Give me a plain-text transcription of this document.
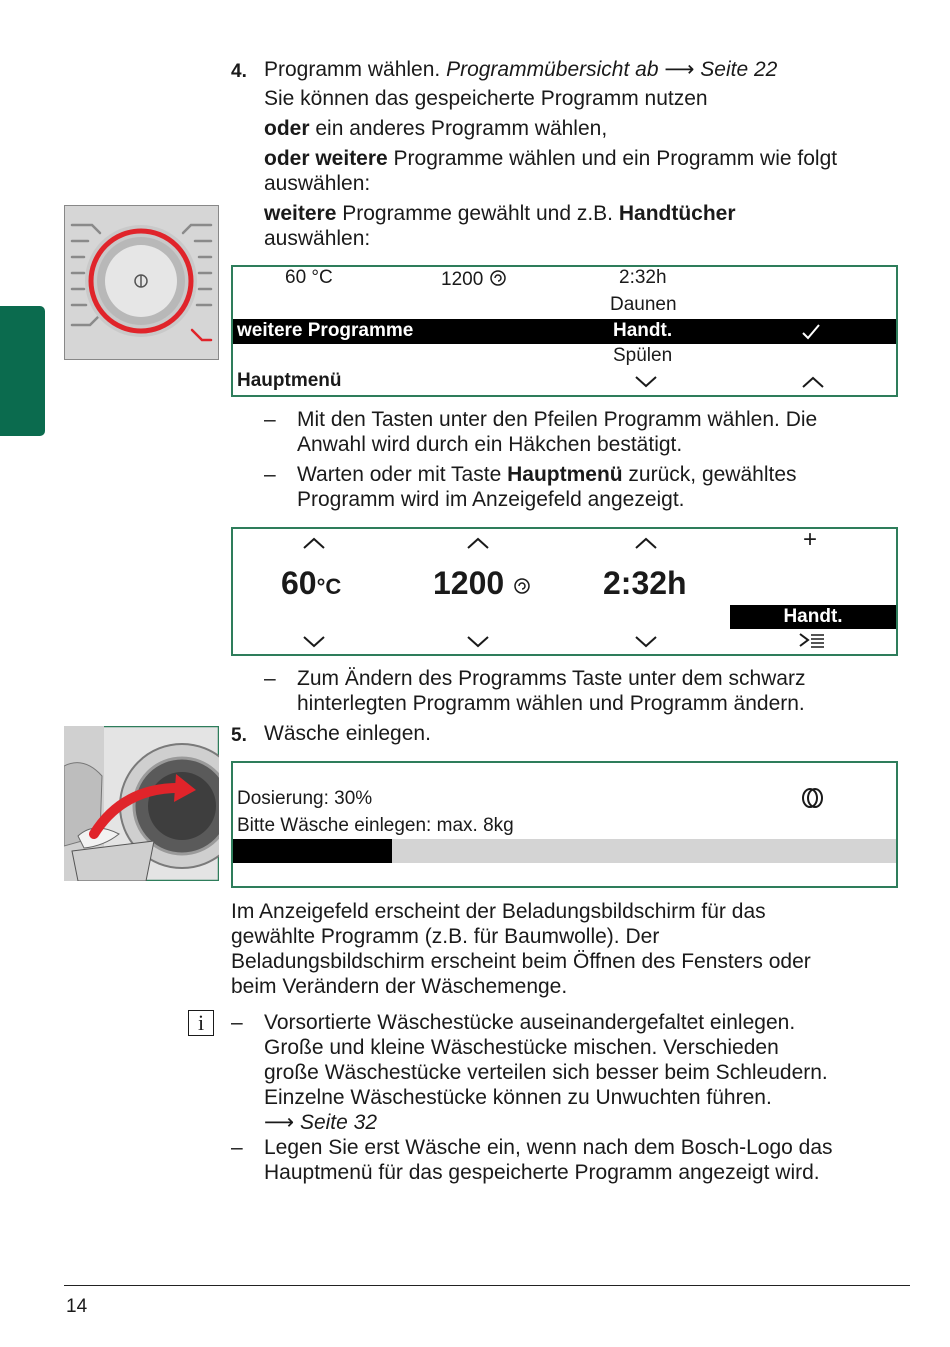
4. Programm wählen. Programmübersicht ab ⟶ Seite 22
Sie können das gespeicherte Programm nutzen
oder ein anderes Programm wählen,
oder weitere Programme wählen und ein Programm wie folgt
auswählen:
weitere Programme gewählt und z.B. Handtücher
auswählen:
60 °C	1200	2:32h
Daunen
weitere Programme	Handt.
Spülen
Hauptmenü
– Mit den Tasten unter den Pfeilen Programm wählen. Die
Anwahl wird durch ein Häkchen bestätigt.
– Warten oder mit Taste Hauptmenü zurück, gewähltes
Programm wird im Anzeigefeld angezeigt.
+
60°C	1200	2:32h
Handt.
– Zum Ändern des Programms Taste unter dem schwarz
hinterlegten Programm wählen und Programm ändern.
5. Wäsche einlegen.
Dosierung: 30%
Bitte Wäsche einlegen: max. 8kg
Im Anzeigefeld erscheint der Beladungsbildschirm für das
gewählte Programm (z.B. für Baumwolle). Der
Beladungsbildschirm erscheint beim Öffnen des Fensters oder
beim Verändern der Wäschemenge.
i	– Vorsortierte Wäschestücke auseinandergefaltet einlegen.
Große und kleine Wäschestücke mischen. Verschieden
große Wäschestücke verteilen sich besser beim Schleudern.
Einzelne Wäschestücke können zu Unwuchten führen.
⟶ Seite 32
– Legen Sie erst Wäsche ein, wenn nach dem Bosch-Logo das
Hauptmenü für das gespeicherte Programm angezeigt wird.
14
